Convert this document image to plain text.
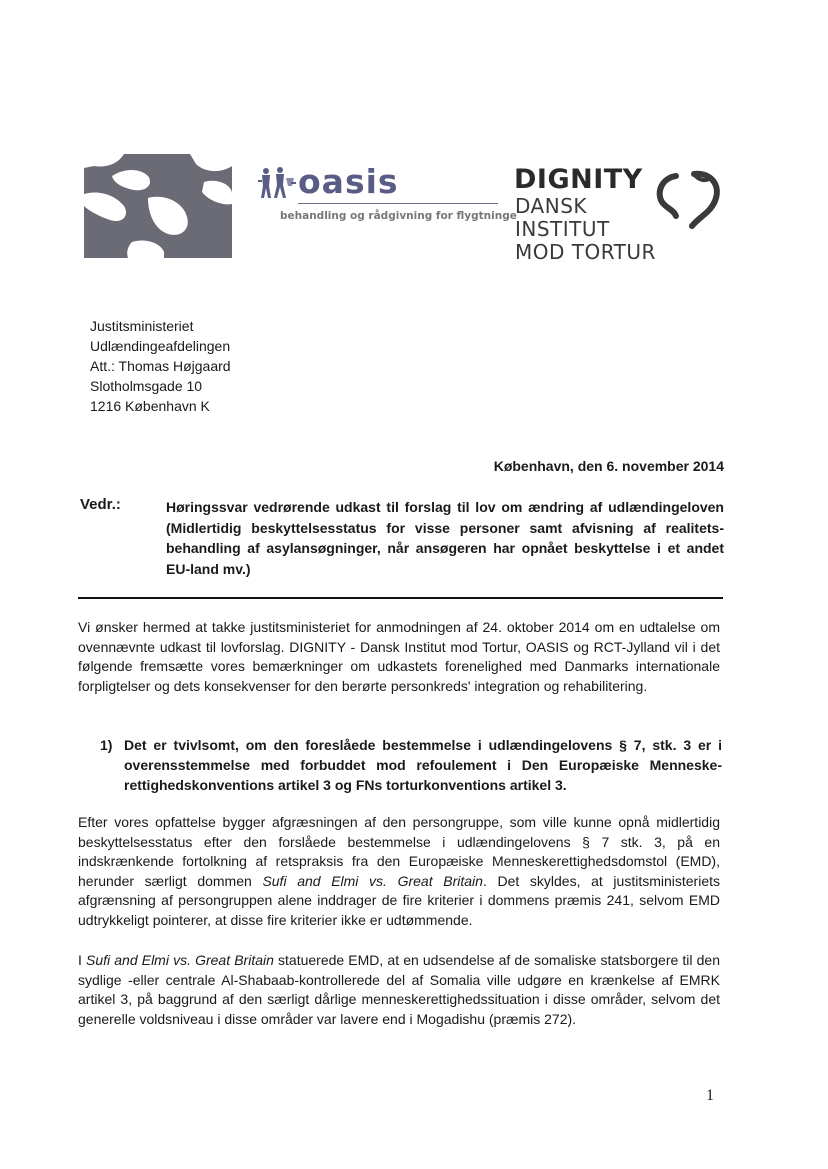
oasis
behandling og rådgivning for flygtninge
DIGNITY
DANSK
INSTITUT
MOD TORTUR
Justitsministeriet
Udlændingeafdelingen
Att.: Thomas Højgaard
Slotholmsgade 10
1216 København K
København, den 6. november 2014
Vedr.:	Høringssvar vedrørende udkast til forslag til lov om ændring af udlændingeloven (Midlertidig beskyttelsesstatus for visse personer samt afvisning af realitets-behandling af asylansøgninger, når ansøgeren har opnået beskyttelse i et andet EU-land mv.)
Vi ønsker hermed at takke justitsministeriet for anmodningen af 24. oktober 2014 om en udtalelse om ovennævnte udkast til lovforslag. DIGNITY - Dansk Institut mod Tortur, OASIS og RCT-Jylland vil i det følgende fremsætte vores bemærkninger om udkastets forenelighed med Danmarks internationale forpligtelser og dets konsekvenser for den berørte personkreds' integration og rehabilitering.
1) Det er tvivlsomt, om den foreslåede bestemmelse i udlændingelovens § 7, stk. 3 er i overensstemmelse med forbuddet mod refoulement i Den Europæiske Menneske-rettighedskonventions artikel 3 og FNs torturkonventions artikel 3.
Efter vores opfattelse bygger afgræsningen af den persongruppe, som ville kunne opnå midlertidig beskyttelsesstatus efter den forslåede bestemmelse i udlændingelovens § 7 stk. 3, på en indskrænkende fortolkning af retspraksis fra den Europæiske Menneskerettighedsdomstol (EMD), herunder særligt dommen Sufi and Elmi vs. Great Britain. Det skyldes, at justitsministeriets afgrænsning af persongruppen alene inddrager de fire kriterier i dommens præmis 241, selvom EMD udtrykkeligt pointerer, at disse fire kriterier ikke er udtømmende.
I Sufi and Elmi vs. Great Britain statuerede EMD, at en udsendelse af de somaliske statsborgere til den sydlige -eller centrale Al-Shabaab-kontrollerede del af Somalia ville udgøre en krænkelse af EMRK artikel 3, på baggrund af den særligt dårlige menneskerettighedssituation i disse områder, selvom det generelle voldsniveau i disse områder var lavere end i Mogadishu (præmis 272).
1
